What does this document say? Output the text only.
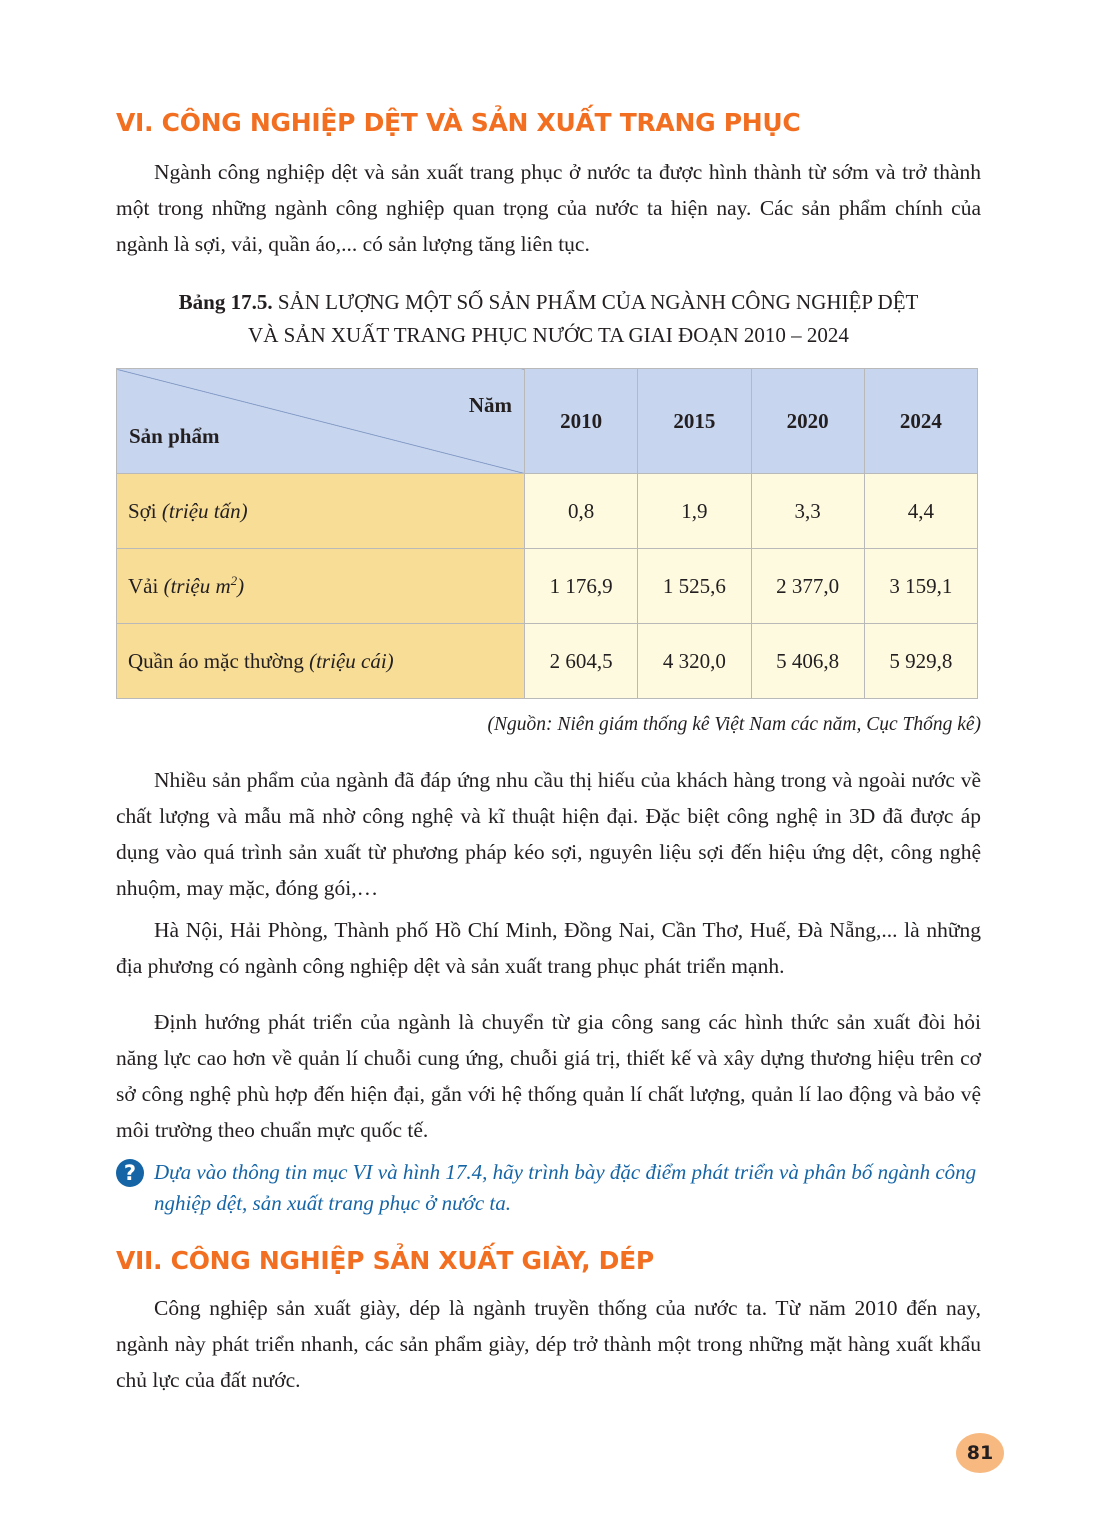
VI. CÔNG NGHIỆP DỆT VÀ SẢN XUẤT TRANG PHỤC

Ngành công nghiệp dệt và sản xuất trang phục ở nước ta được hình thành từ sớm và trở thành một trong những ngành công nghiệp quan trọng của nước ta hiện nay. Các sản phẩm chính của ngành là sợi, vải, quần áo,... có sản lượng tăng liên tục.

Bảng 17.5. SẢN LƯỢNG MỘT SỐ SẢN PHẨM CỦA NGÀNH CÔNG NGHIỆP DỆT
VÀ SẢN XUẤT TRANG PHỤC NƯỚC TA GIAI ĐOẠN 2010 – 2024

Năm
Sản phẩm	2010	2015	2020	2024
Sợi (triệu tấn)	0,8	1,9	3,3	4,4
Vải (triệu $m^2$)	1 176,9	1 525,6	2 377,0	3 159,1
Quần áo mặc thường (triệu cái)	2 604,5	4 320,0	5 406,8	5 929,8

(Nguồn: Niên giám thống kê Việt Nam các năm, Cục Thống kê)

Nhiều sản phẩm của ngành đã đáp ứng nhu cầu thị hiếu của khách hàng trong và ngoài nước về chất lượng và mẫu mã nhờ công nghệ và kĩ thuật hiện đại. Đặc biệt công nghệ in 3D đã được áp dụng vào quá trình sản xuất từ phương pháp kéo sợi, nguyên liệu sợi đến hiệu ứng dệt, công nghệ nhuộm, may mặc, đóng gói,…

Hà Nội, Hải Phòng, Thành phố Hồ Chí Minh, Đồng Nai, Cần Thơ, Huế, Đà Nẵng,... là những địa phương có ngành công nghiệp dệt và sản xuất trang phục phát triển mạnh.

Định hướng phát triển của ngành là chuyển từ gia công sang các hình thức sản xuất đòi hỏi năng lực cao hơn về quản lí chuỗi cung ứng, chuỗi giá trị, thiết kế và xây dựng thương hiệu trên cơ sở công nghệ phù hợp đến hiện đại, gắn với hệ thống quản lí chất lượng, quản lí lao động và bảo vệ môi trường theo chuẩn mực quốc tế.

? Dựa vào thông tin mục VI và hình 17.4, hãy trình bày đặc điểm phát triển và phân bố ngành công nghiệp dệt, sản xuất trang phục ở nước ta.

VII. CÔNG NGHIỆP SẢN XUẤT GIÀY, DÉP

Công nghiệp sản xuất giày, dép là ngành truyền thống của nước ta. Từ năm 2010 đến nay, ngành này phát triển nhanh, các sản phẩm giày, dép trở thành một trong những mặt hàng xuất khẩu chủ lực của đất nước.

81
